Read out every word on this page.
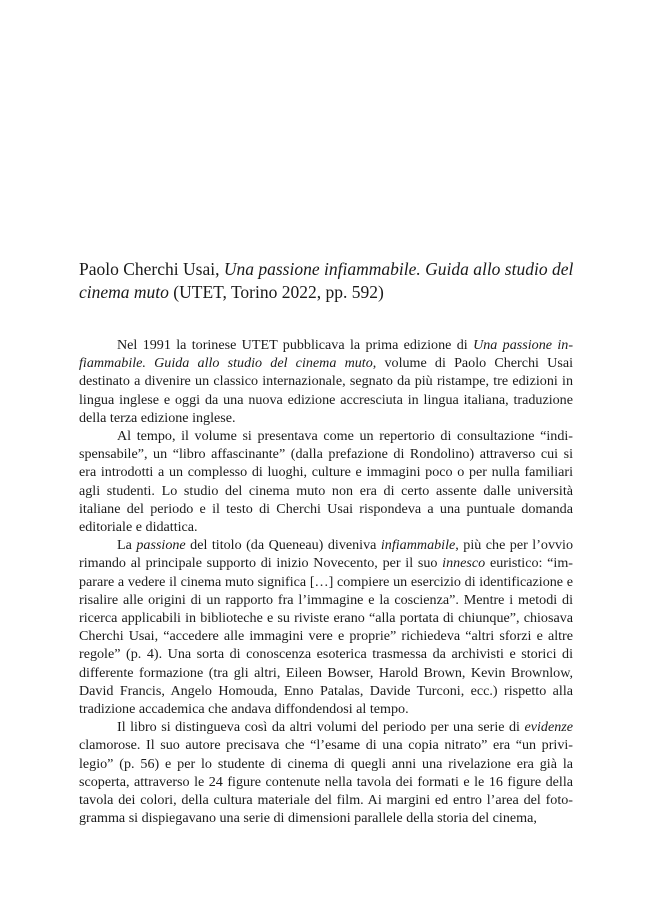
Paolo Cherchi Usai, Una passione infiammabile. Guida allo studio del cinema muto (UTET, Torino 2022, pp. 592)

Nel 1991 la torinese UTET pubblicava la prima edizione di Una passione infiammabile. Guida allo studio del cinema muto, volume di Paolo Cherchi Usai destinato a divenire un classico internazionale, segnato da più ristampe, tre edizioni in lingua inglese e oggi da una nuova edizione accresciuta in lingua italiana, traduzione della terza edizione inglese.

Al tempo, il volume si presentava come un repertorio di consultazione “indispensabile”, un “libro affascinante” (dalla prefazione di Rondolino) attraverso cui si era introdotti a un complesso di luoghi, culture e immagini poco o per nulla familiari agli studenti. Lo studio del cinema muto non era di certo assente dalle università italiane del periodo e il testo di Cherchi Usai rispondeva a una puntuale domanda editoriale e didattica.

La passione del titolo (da Queneau) diveniva infiammabile, più che per l’ovvio rimando al principale supporto di inizio Novecento, per il suo innesco euristico: “imparare a vedere il cinema muto significa […] compiere un esercizio di identificazione e risalire alle origini di un rapporto fra l’immagine e la coscienza”. Mentre i metodi di ricerca applicabili in biblioteche e su riviste erano “alla portata di chiunque”, chiosava Cherchi Usai, “accedere alle immagini vere e proprie” richiedeva “altri sforzi e altre regole” (p. 4). Una sorta di conoscenza esoterica trasmessa da archivisti e storici di differente formazione (tra gli altri, Eileen Bowser, Harold Brown, Kevin Brownlow, David Francis, Angelo Homouda, Enno Patalas, Davide Turconi, ecc.) rispetto alla tradizione accademica che andava diffondendosi al tempo.

Il libro si distingueva così da altri volumi del periodo per una serie di evidenze clamorose. Il suo autore precisava che “l’esame di una copia nitrato” era “un privilegio” (p. 56) e per lo studente di cinema di quegli anni una rivelazione era già la scoperta, attraverso le 24 figure contenute nella tavola dei formati e le 16 figure della tavola dei colori, della cultura materiale del film. Ai margini ed entro l’area del fotogramma si dispiegavano una serie di dimensioni parallele della storia del cinema,
